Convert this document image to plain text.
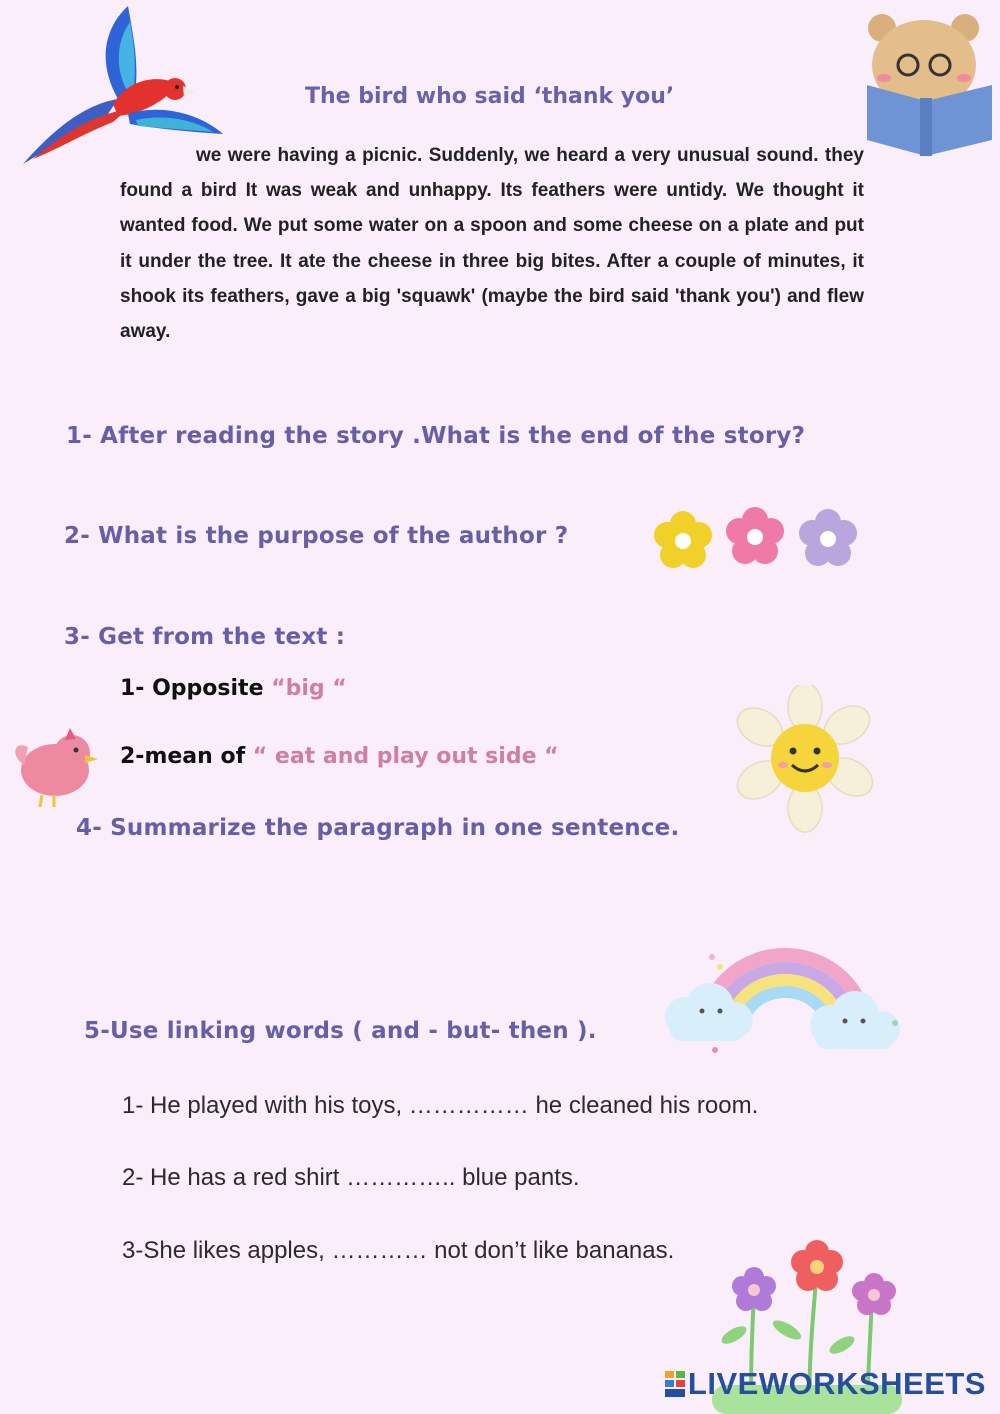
The bird who said ‘thank you’
we were having a picnic. Suddenly, we heard a very unusual sound. they found a bird It was weak and unhappy. Its feathers were untidy. We thought it wanted food. We put some water on a spoon and some cheese on a plate and put it under the tree. It ate the cheese in three big bites. After a couple of minutes, it shook its feathers, gave a big 'squawk' (maybe the bird said 'thank you') and flew away.
1- After reading the story .What is the end of the story?
2- What is the purpose of the author ?
3- Get from the text :
1- Opposite “big “
2-mean of “ eat and play out side “
4- Summarize the paragraph in one sentence.
5-Use linking words ( and - but- then ).
1- He played with his toys, …………… he cleaned his room.
2- He has a red shirt ………….. blue pants.
3-She likes apples, ………… not don’t like bananas.
LIVEWORKSHEETS
